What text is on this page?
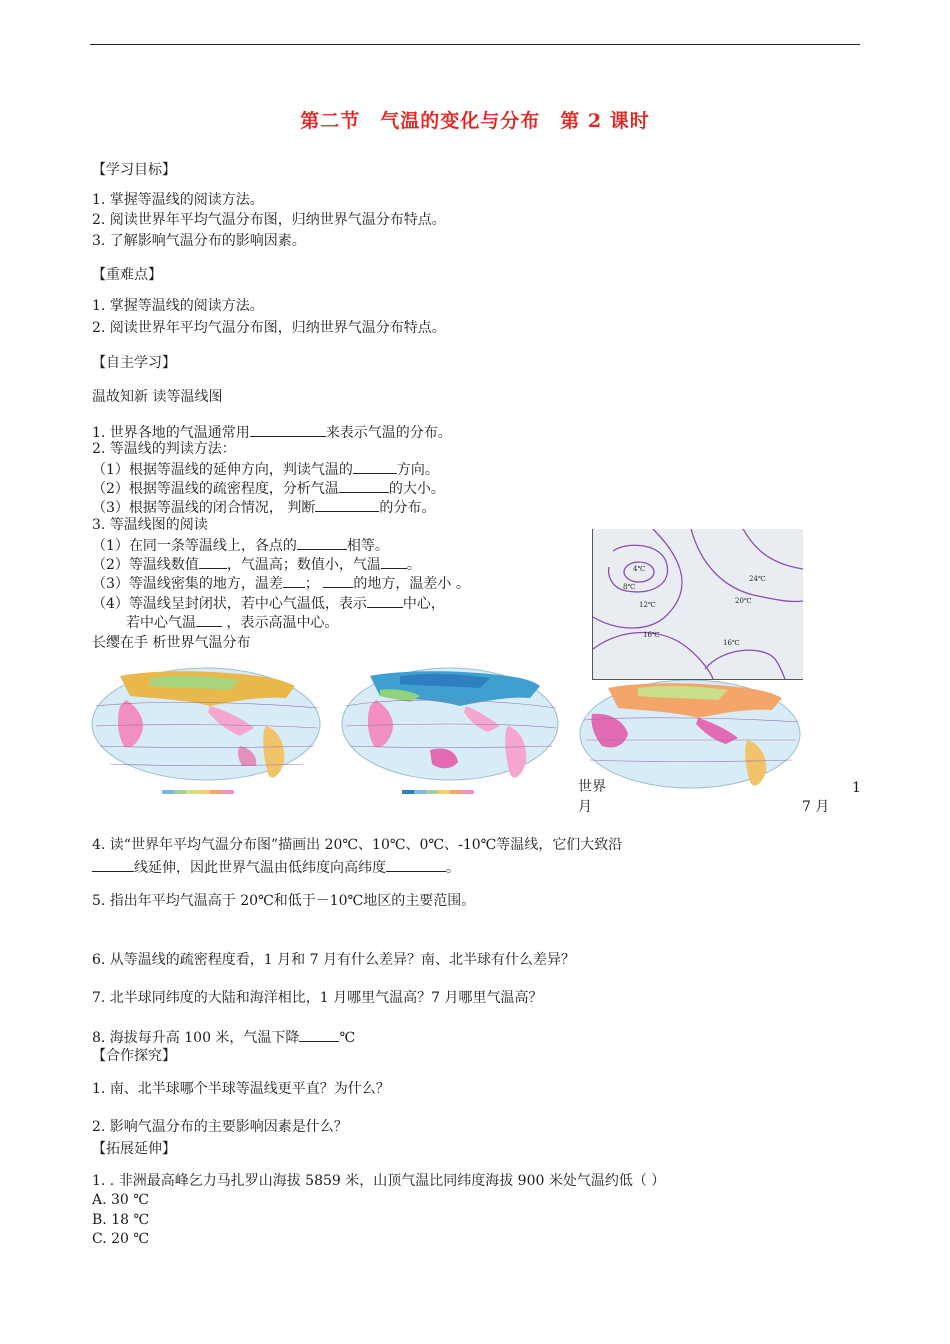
第二节 气温的变化与分布 第 2 课时
【学习目标】
1. 掌握等温线的阅读方法。
2. 阅读世界年平均气温分布图，归纳世界气温分布特点。
3. 了解影响气温分布的影响因素。
【重难点】
1. 掌握等温线的阅读方法。
2. 阅读世界年平均气温分布图，归纳世界气温分布特点。
【自主学习】
温故知新 读等温线图
1. 世界各地的气温通常用	来表示气温的分布。
2. 等温线的判读方法：
（1）根据等温线的延伸方向，判读气温的	方向。
（2）根据等温线的疏密程度，分析气温	的大小。
（3）根据等温线的闭合情况， 判断	的分布。
3. 等温线图的阅读
（1）在同一条等温线上，各点的	相等。
（2）等温线数值 ，气温高；数值小，气温 。
（3）等温线密集的地方，温差 ； 的地方，温差小 。
（4）等温线呈封闭状，若中心气温低，表示	中心，
若中心气温 ，表示高温中心。
长缨在手 析世界气温分布
4℃
8℃
12℃
16℃
16℃
20℃
24℃
世界	1
月	7 月
4. 读“世界年平均气温分布图”描画出 20℃、10℃、0℃、-10℃等温线，它们大致沿
线延伸，因此世界气温由低纬度向高纬度	。
5. 指出年平均气温高于 20℃和低于－10℃地区的主要范围。
6. 从等温线的疏密程度看，1 月和 7 月有什么差异？南、北半球有什么差异？
7. 北半球同纬度的大陆和海洋相比，1 月哪里气温高？7 月哪里气温高？
8. 海拔每升高 100 米，气温下降	℃
【合作探究】
1. 南、北半球哪个半球等温线更平直？为什么？
2. 影响气温分布的主要影响因素是什么？
【拓展延伸】
1. . 非洲最高峰乞力马扎罗山海拔 5859 米，山顶气温比同纬度海拔 900 米处气温约低（ ）
A. 30 ℃
B. 18 ℃
C. 20 ℃
